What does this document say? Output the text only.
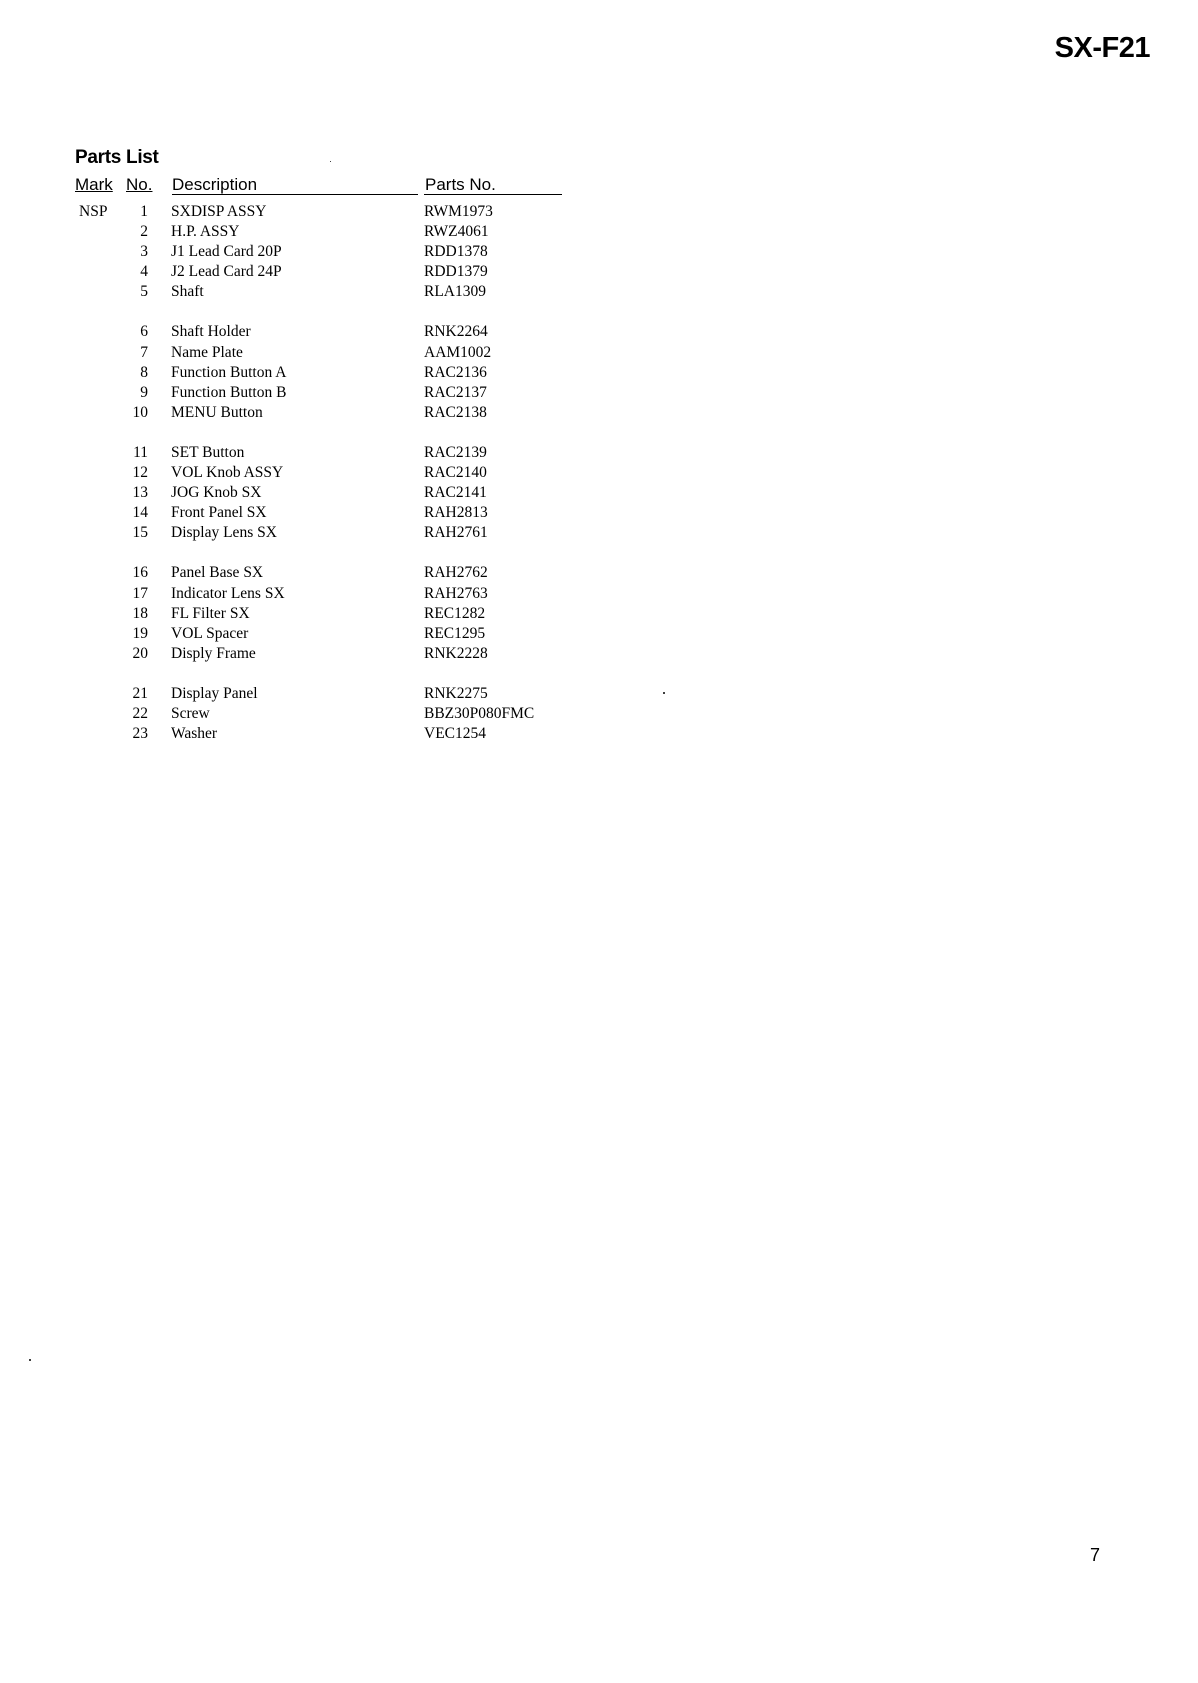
SX-F21
Parts List
Mark No. Description	Parts No.
NSP	1 SXDISP ASSY	RWM1973
2 H.P. ASSY	RWZ4061
3 J1 Lead Card 20P	RDD1378
4 J2 Lead Card 24P	RDD1379
5 Shaft	RLA1309
6 Shaft Holder	RNK2264
7 Name Plate	AAM1002
8 Function Button A	RAC2136
9 Function Button B	RAC2137
10 MENU Button	RAC2138
11 SET Button	RAC2139
12 VOL Knob ASSY	RAC2140
13 JOG Knob SX	RAC2141
14 Front Panel SX	RAH2813
15 Display Lens SX	RAH2761
16 Panel Base SX	RAH2762
17 Indicator Lens SX	RAH2763
18 FL Filter SX	REC1282
19 VOL Spacer	REC1295
20 Disply Frame	RNK2228
21 Display Panel	RNK2275
22 Screw	BBZ30P080FMC
23 Washer	VEC1254
7
